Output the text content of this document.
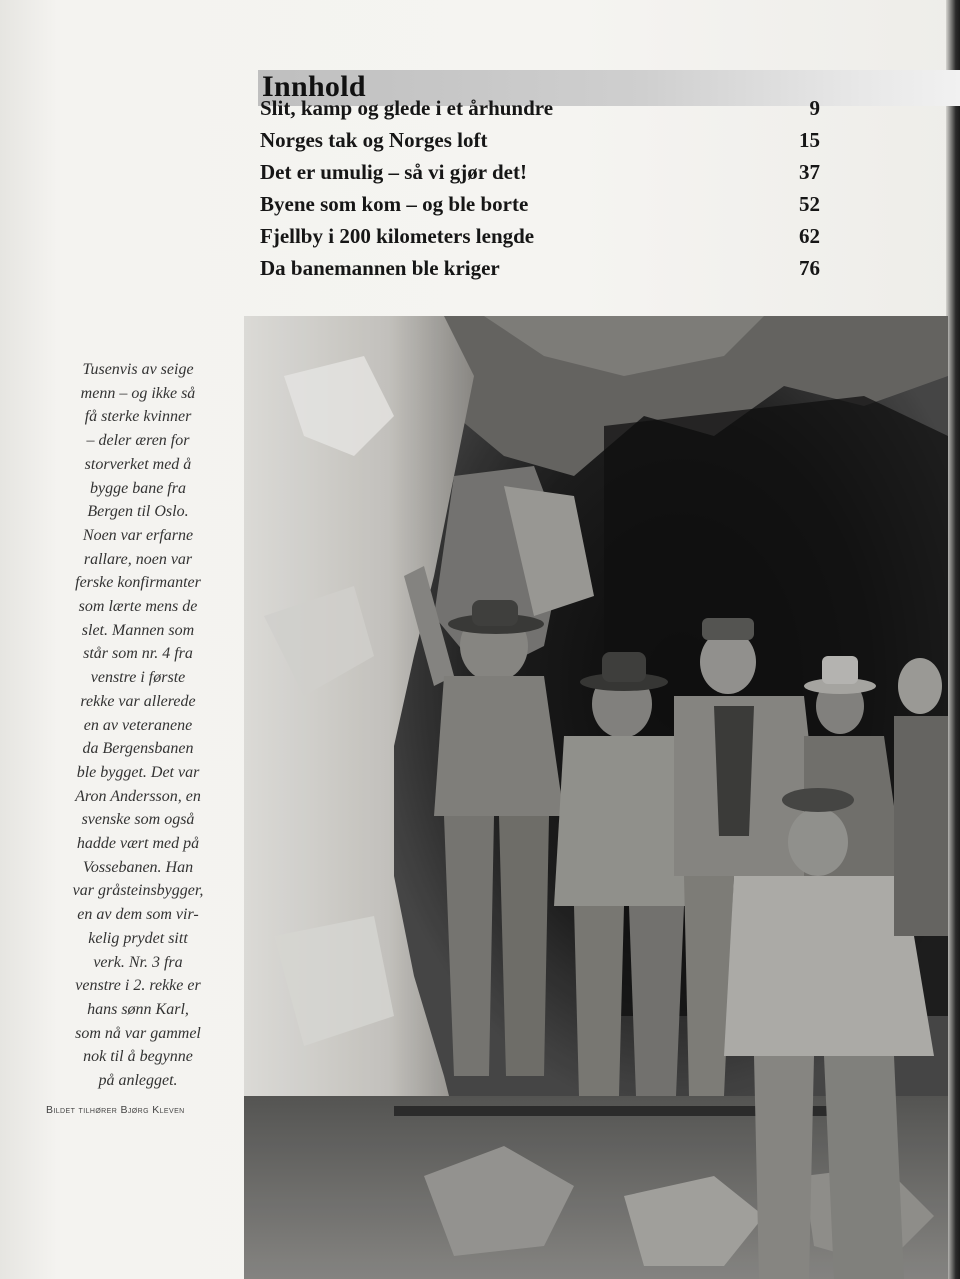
Innhold
Slit, kamp og glede i et århundre	9
Norges tak og Norges loft	15
Det er umulig – så vi gjør det!	37
Byene som kom – og ble borte	52
Fjellby i 200 kilometers lengde	62
Da banemannen ble kriger	76

Tusenvis av seige

menn – og ikke så

få sterke kvinner

– deler æren for

storverket med å

bygge bane fra

Bergen til Oslo.

Noen var erfarne

rallare, noen var

ferske konfirmanter

som lærte mens de

slet. Mannen som

står som nr. 4 fra

venstre i første

rekke var allerede

en av veteranene

da Bergensbanen

ble bygget. Det var

Aron Andersson, en

svenske som også

hadde vært med på

Vossebanen. Han

var gråsteinsbygger,

en av dem som vir-

kelig prydet sitt

verk. Nr. 3 fra

venstre i 2. rekke er

hans sønn Karl,

som nå var gammel

nok til å begynne

på anlegget.

Bildet tilhører Bjørg Kleven
